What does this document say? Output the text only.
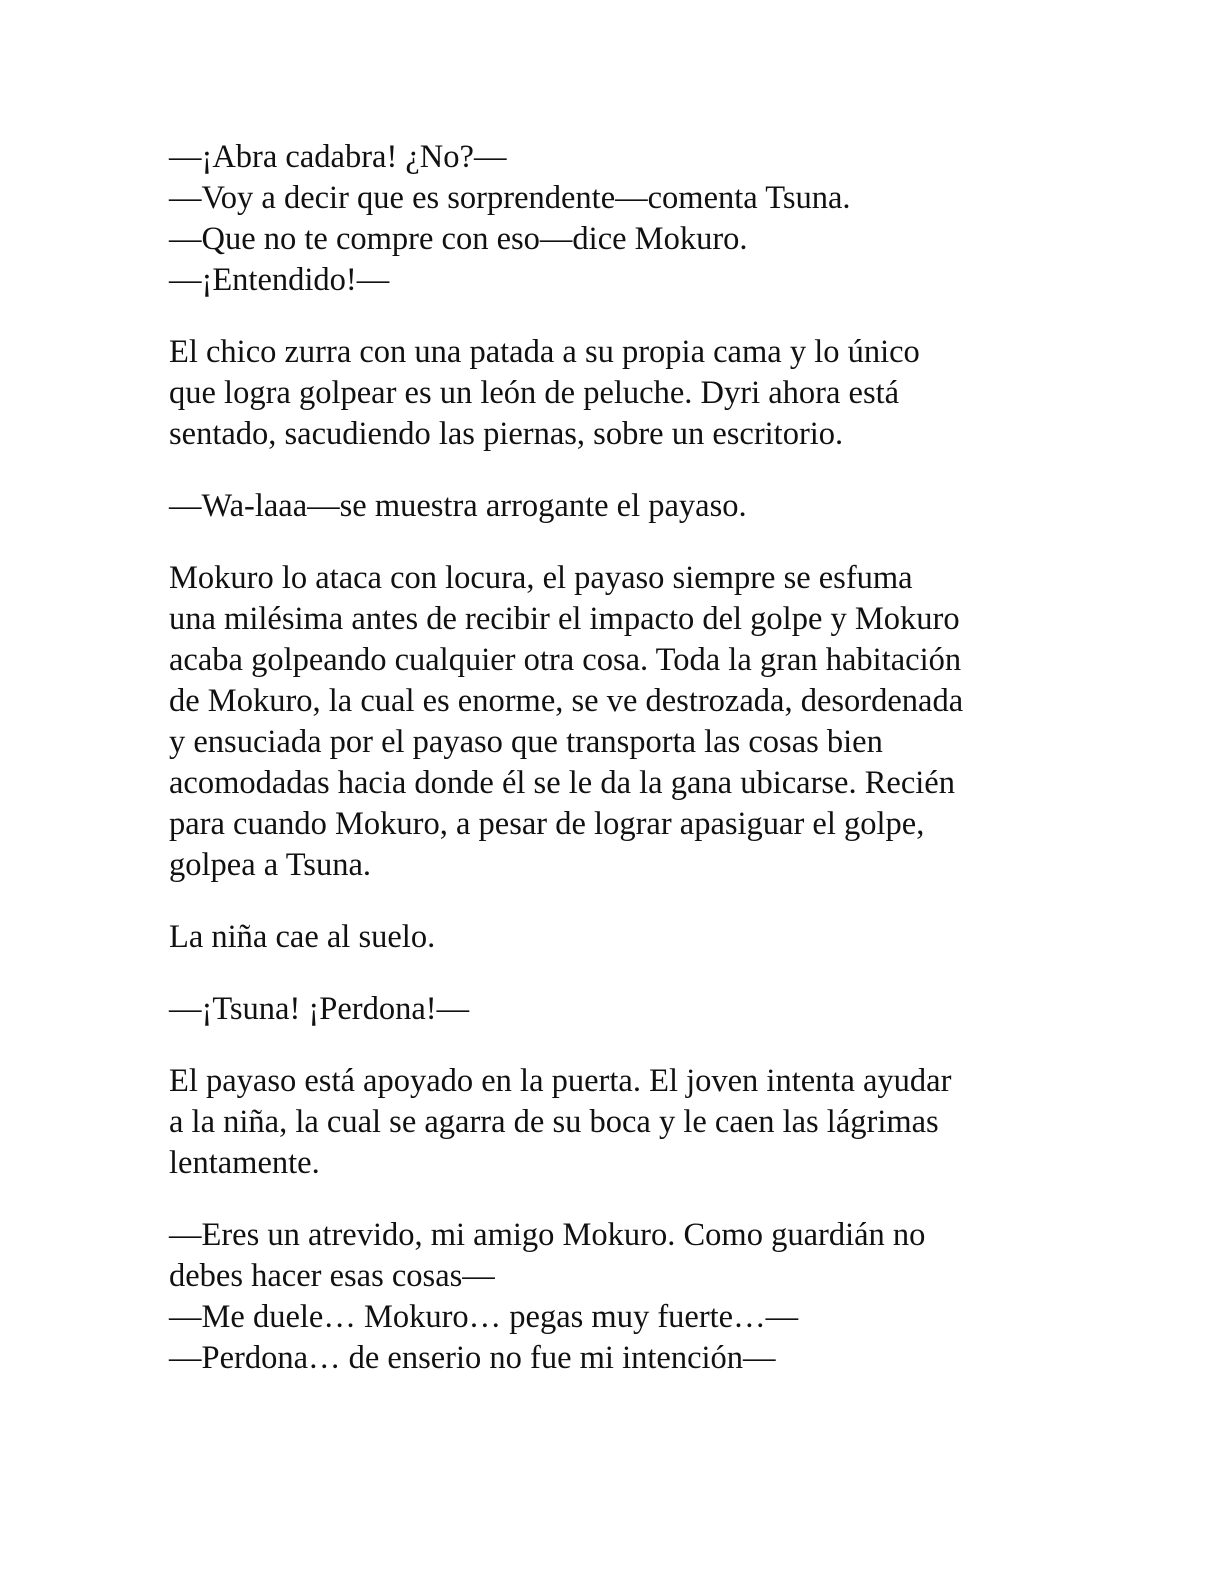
—¡Abra cadabra! ¿No?—
—Voy a decir que es sorprendente—comenta Tsuna.
—Que no te compre con eso—dice Mokuro.
—¡Entendido!—

El chico zurra con una patada a su propia cama y lo único
que logra golpear es un león de peluche. Dyri ahora está
sentado, sacudiendo las piernas, sobre un escritorio.

—Wa-laaa—se muestra arrogante el payaso.

Mokuro lo ataca con locura, el payaso siempre se esfuma
una milésima antes de recibir el impacto del golpe y Mokuro
acaba golpeando cualquier otra cosa. Toda la gran habitación
de Mokuro, la cual es enorme, se ve destrozada, desordenada
y ensuciada por el payaso que transporta las cosas bien
acomodadas hacia donde él se le da la gana ubicarse. Recién
para cuando Mokuro, a pesar de lograr apasiguar el golpe,
golpea a Tsuna.

La niña cae al suelo.

—¡Tsuna! ¡Perdona!—

El payaso está apoyado en la puerta. El joven intenta ayudar
a la niña, la cual se agarra de su boca y le caen las lágrimas
lentamente.

—Eres un atrevido, mi amigo Mokuro. Como guardián no
debes hacer esas cosas—
—Me duele… Mokuro… pegas muy fuerte…—
—Perdona… de enserio no fue mi intención—
